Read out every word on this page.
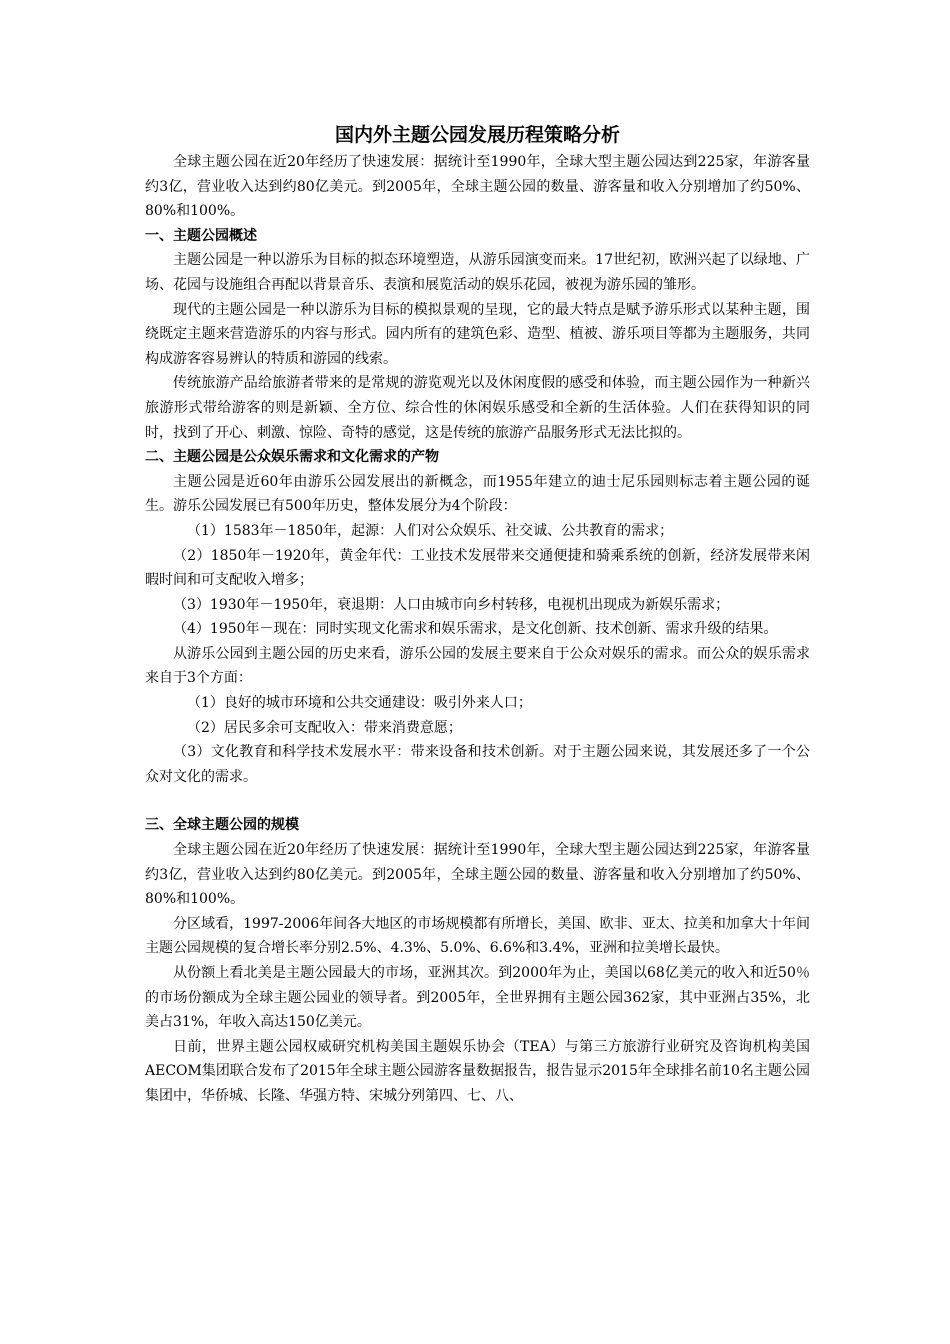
国内外主题公园发展历程策略分析

全球主题公园在近20年经历了快速发展：据统计至1990年，全球大型主题公园达到225家，年游客量约3亿，营业收入达到约80亿美元。到2005年，全球主题公园的数量、游客量和收入分别增加了约50%、80%和100%。

一、主题公园概述

主题公园是一种以游乐为目标的拟态环境塑造，从游乐园演变而来。17世纪初，欧洲兴起了以绿地、广场、花园与设施组合再配以背景音乐、表演和展览活动的娱乐花园，被视为游乐园的雏形。

现代的主题公园是一种以游乐为目标的模拟景观的呈现，它的最大特点是赋予游乐形式以某种主题，围绕既定主题来营造游乐的内容与形式。园内所有的建筑色彩、造型、植被、游乐项目等都为主题服务，共同构成游客容易辨认的特质和游园的线索。

传统旅游产品给旅游者带来的是常规的游览观光以及休闲度假的感受和体验，而主题公园作为一种新兴旅游形式带给游客的则是新颖、全方位、综合性的休闲娱乐感受和全新的生活体验。人们在获得知识的同时，找到了开心、刺激、惊险、奇特的感觉，这是传统的旅游产品服务形式无法比拟的。

二、主题公园是公众娱乐需求和文化需求的产物

主题公园是近60年由游乐公园发展出的新概念，而1955年建立的迪士尼乐园则标志着主题公园的诞生。游乐公园发展已有500年历史，整体发展分为4个阶段：

（1）1583年－1850年，起源：人们对公众娱乐、社交诚、公共教育的需求；

（2）1850年－1920年，黄金年代：工业技术发展带来交通便捷和骑乘系统的创新，经济发展带来闲暇时间和可支配收入增多；

（3）1930年－1950年，衰退期：人口由城市向乡村转移，电视机出现成为新娱乐需求；

（4）1950年－现在：同时实现文化需求和娱乐需求，是文化创新、技术创新、需求升级的结果。

从游乐公园到主题公园的历史来看，游乐公园的发展主要来自于公众对娱乐的需求。而公众的娱乐需求来自于3个方面：

（1）良好的城市环境和公共交通建设：吸引外来人口；

（2）居民多余可支配收入：带来消费意愿；

（3）文化教育和科学技术发展水平：带来设备和技术创新。对于主题公园来说，其发展还多了一个公众对文化的需求。

三、全球主题公园的规模

全球主题公园在近20年经历了快速发展：据统计至1990年，全球大型主题公园达到225家，年游客量约3亿，营业收入达到约80亿美元。到2005年，全球主题公园的数量、游客量和收入分别增加了约50%、80%和100%。

分区域看，1997-2006年间各大地区的市场规模都有所增长，美国、欧非、亚太、拉美和加拿大十年间主题公园规模的复合增长率分别2.5%、4.3%、5.0%、6.6%和3.4%，亚洲和拉美增长最快。

从份额上看北美是主题公园最大的市场，亚洲其次。到2000年为止，美国以68亿美元的收入和近50％的市场份额成为全球主题公园业的领导者。到2005年，全世界拥有主题公园362家，其中亚洲占35%，北美占31%，年收入高达150亿美元。

日前，世界主题公园权威研究机构美国主题娱乐协会（TEA）与第三方旅游行业研究及咨询机构美国AECOM集团联合发布了2015年全球主题公园游客量数据报告，报告显示2015年全球排名前10名主题公园集团中，华侨城、长隆、华强方特、宋城分列第四、七、八、
